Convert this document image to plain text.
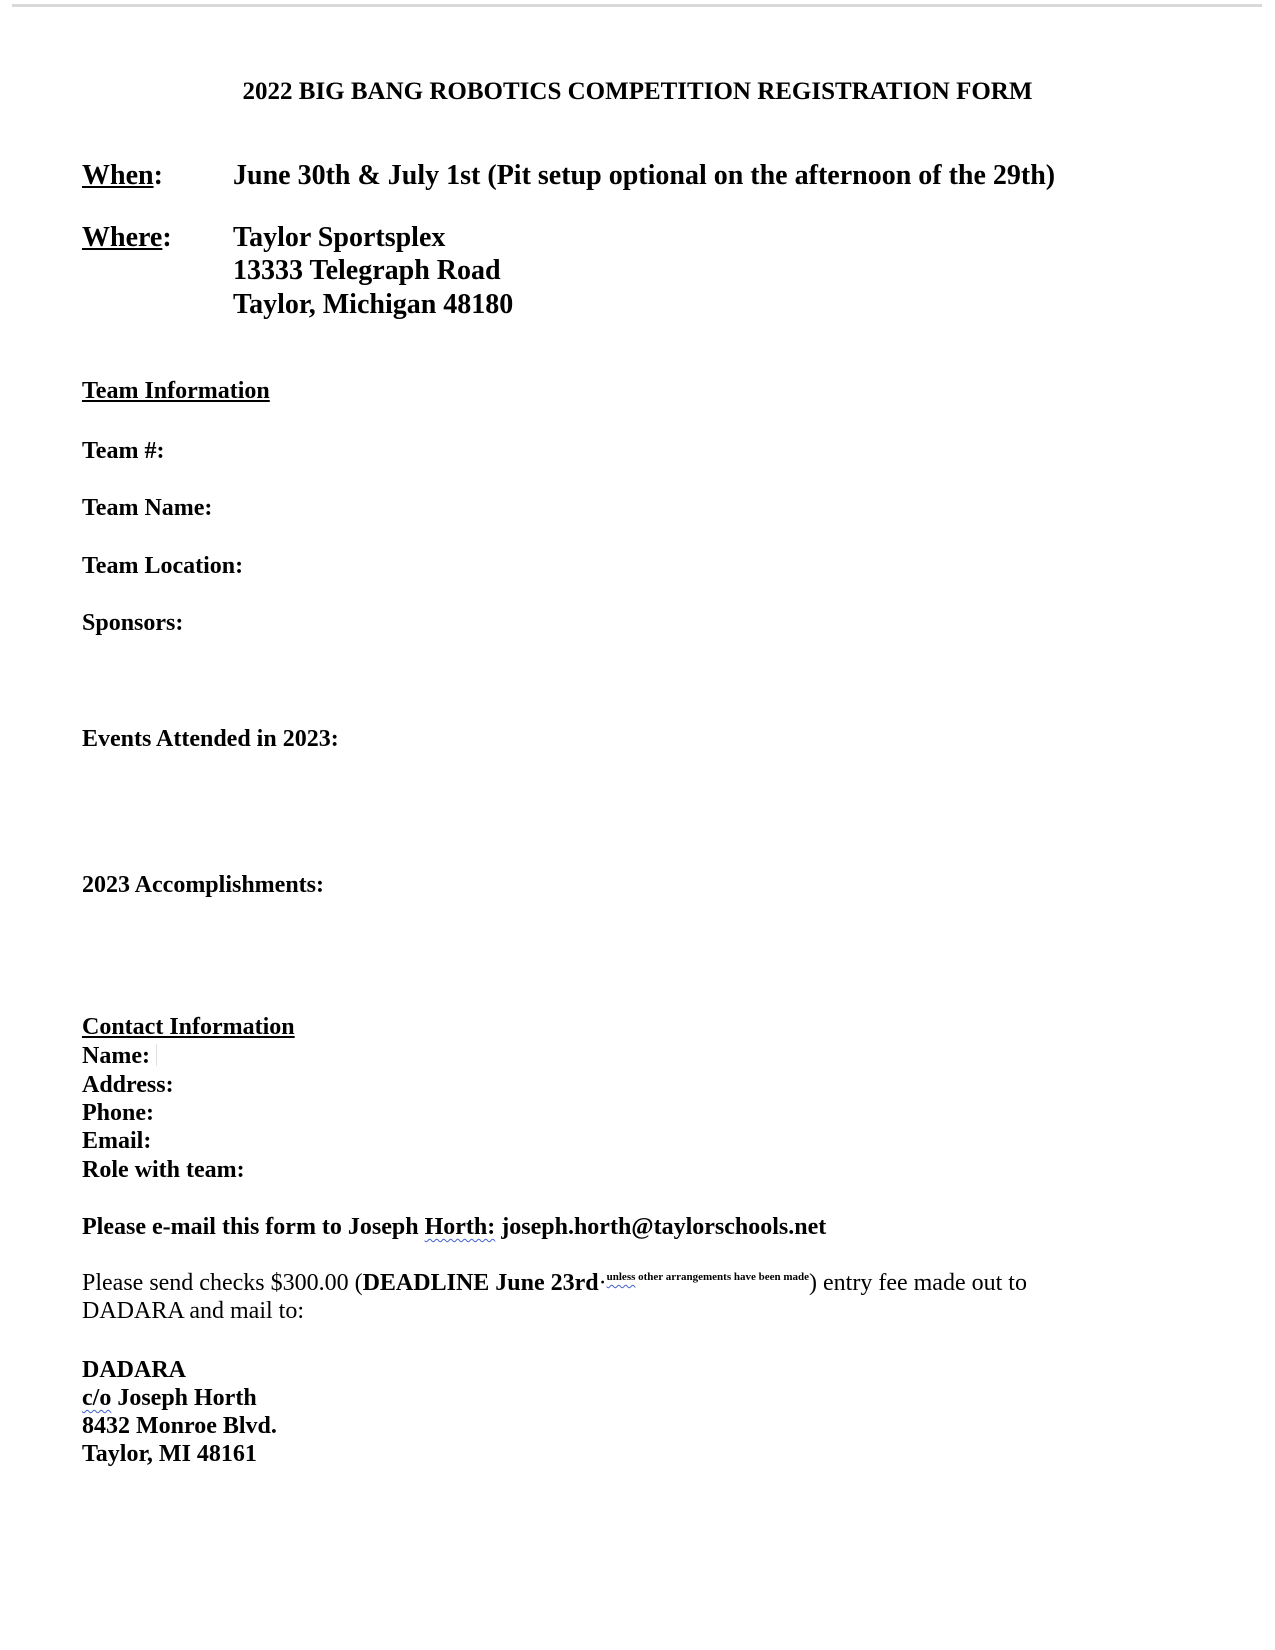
2022 BIG BANG ROBOTICS COMPETITION REGISTRATION FORM
When:	June 30th & July 1st (Pit setup optional on the afternoon of the 29th)
Where: Taylor Sportsplex
13333 Telegraph Road
Taylor, Michigan 48180
Team Information
Team #:
Team Name:
Team Location:
Sponsors:
Events Attended in 2023:
2023 Accomplishments:
Contact Information
Name:
Address:
Phone:
Email:
Role with team:
Please e-mail this form to Joseph Horth: joseph.horth@taylorschools.net
Please send checks $300.00 (DEADLINE June 23rd·$^{unless}$ $^{other arrangements have been made}$) entry fee made out to
DADARA and mail to:
DADARA
c/o Joseph Horth
8432 Monroe Blvd.
Taylor, MI 48161
